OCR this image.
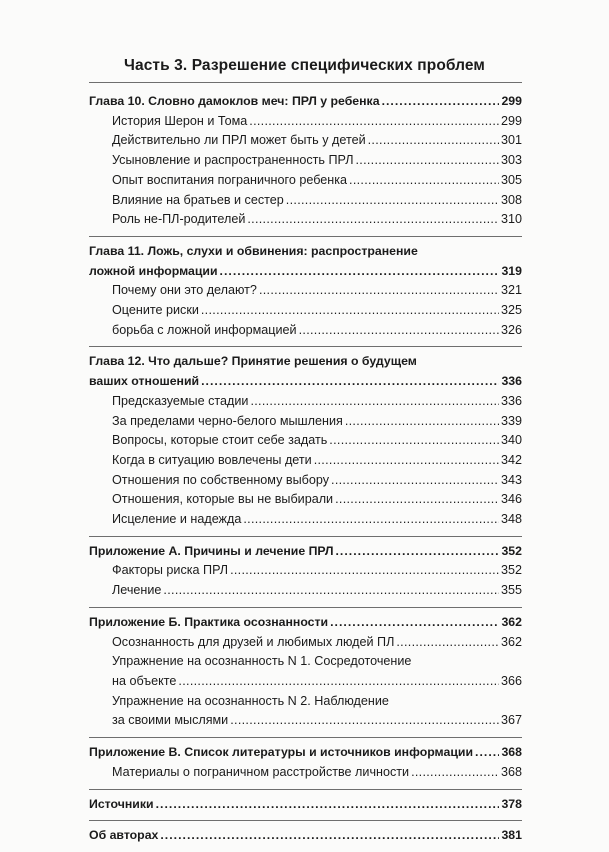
Часть 3. Разрешение специфических проблем
Глава 10. Словно дамоклов меч: ПРЛ у ребенка . . .	299
История Шерон и Тома . . .	299
Действительно ли ПРЛ может быть у детей . . .	301
Усыновление и распространенность ПРЛ . . .	303
Опыт воспитания пограничного ребенка . . .	305
Влияние на братьев и сестер . . .	308
Роль не-ПЛ-родителей . . .	310
Глава 11. Ложь, слухи и обвинения: распространение
ложной информации . . .	319
Почему они это делают? . . .	321
Оцените риски . . .	325
борьба с ложной информацией . . .	326
Глава 12. Что дальше? Принятие решения о будущем
ваших отношений . . .	336
Предсказуемые стадии . . .	336
За пределами черно-белого мышления . . .	339
Вопросы, которые стоит себе задать . . .	340
Когда в ситуацию вовлечены дети . . .	342
Отношения по собственному выбору . . .	343
Отношения, которые вы не выбирали . . .	346
Исцеление и надежда . . .	348
Приложение А. Причины и лечение ПРЛ . . .	352
Факторы риска ПРЛ . . .	352
Лечение . . .	355
Приложение Б. Практика осознанности . . .	362
Осознанность для друзей и любимых людей ПЛ . . .	362
Упражнение на осознанность N 1. Сосредоточение
на объекте . . .	366
Упражнение на осознанность N 2. Наблюдение
за своими мыслями . . .	367
Приложение В. Список литературы и источников информации . . . 368
Материалы о пограничном расстройстве личности . . .	368
Источники . . .	378
Об авторах . . .	381
